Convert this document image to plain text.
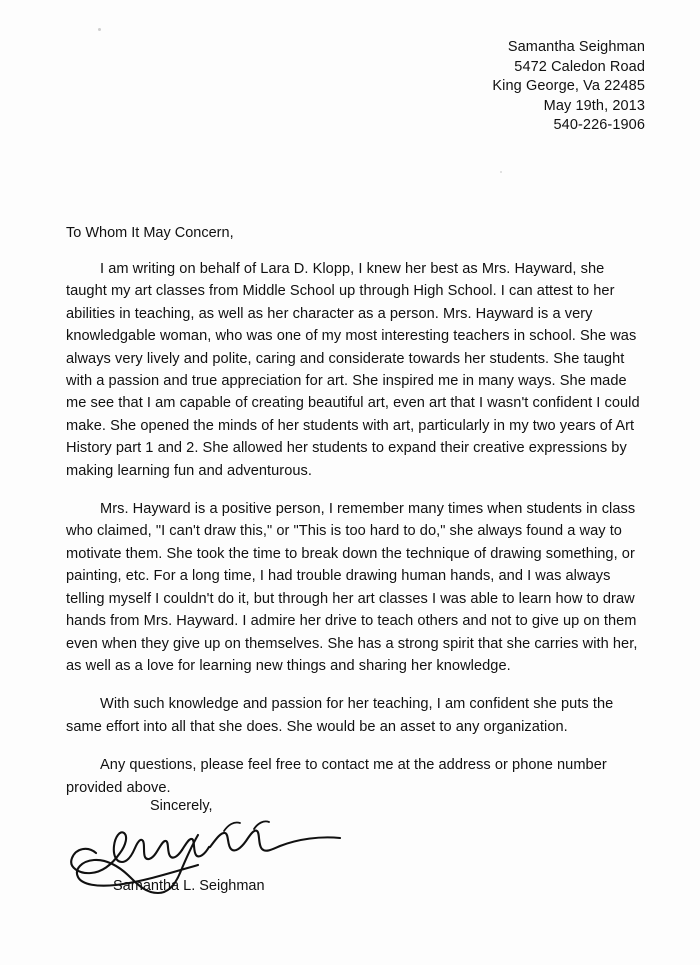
Samantha Seighman
5472 Caledon Road
King George, Va 22485
May 19th, 2013
540-226-1906
To Whom It May Concern,

I am writing on behalf of Lara D. Klopp, I knew her best as Mrs. Hayward, she taught my art classes from Middle School up through High School. I can attest to her abilities in teaching, as well as her character as a person. Mrs. Hayward is a very knowledgable woman, who was one of my most interesting teachers in school. She was always very lively and polite, caring and considerate towards her students. She taught with a passion and true appreciation for art. She inspired me in many ways. She made me see that I am capable of creating beautiful art, even art that I wasn't confident I could make. She opened the minds of her students with art, particularly in my two years of Art History part 1 and 2. She allowed her students to expand their creative expressions by making learning fun and adventurous.

Mrs. Hayward is a positive person, I remember many times when students in class who claimed, "I can't draw this," or "This is too hard to do," she always found a way to motivate them. She took the time to break down the technique of drawing something, or painting, etc. For a long time, I had trouble drawing human hands, and I was always telling myself I couldn't do it, but through her art classes I was able to learn how to draw hands from Mrs. Hayward. I admire her drive to teach others and not to give up on them even when they give up on themselves. She has a strong spirit that she carries with her, as well as a love for learning new things and sharing her knowledge.

With such knowledge and passion for her teaching, I am confident she puts the same effort into all that she does. She would be an asset to any organization.

Any questions, please feel free to contact me at the address or phone number provided above.

Sincerely,
Samantha L. Seighman
